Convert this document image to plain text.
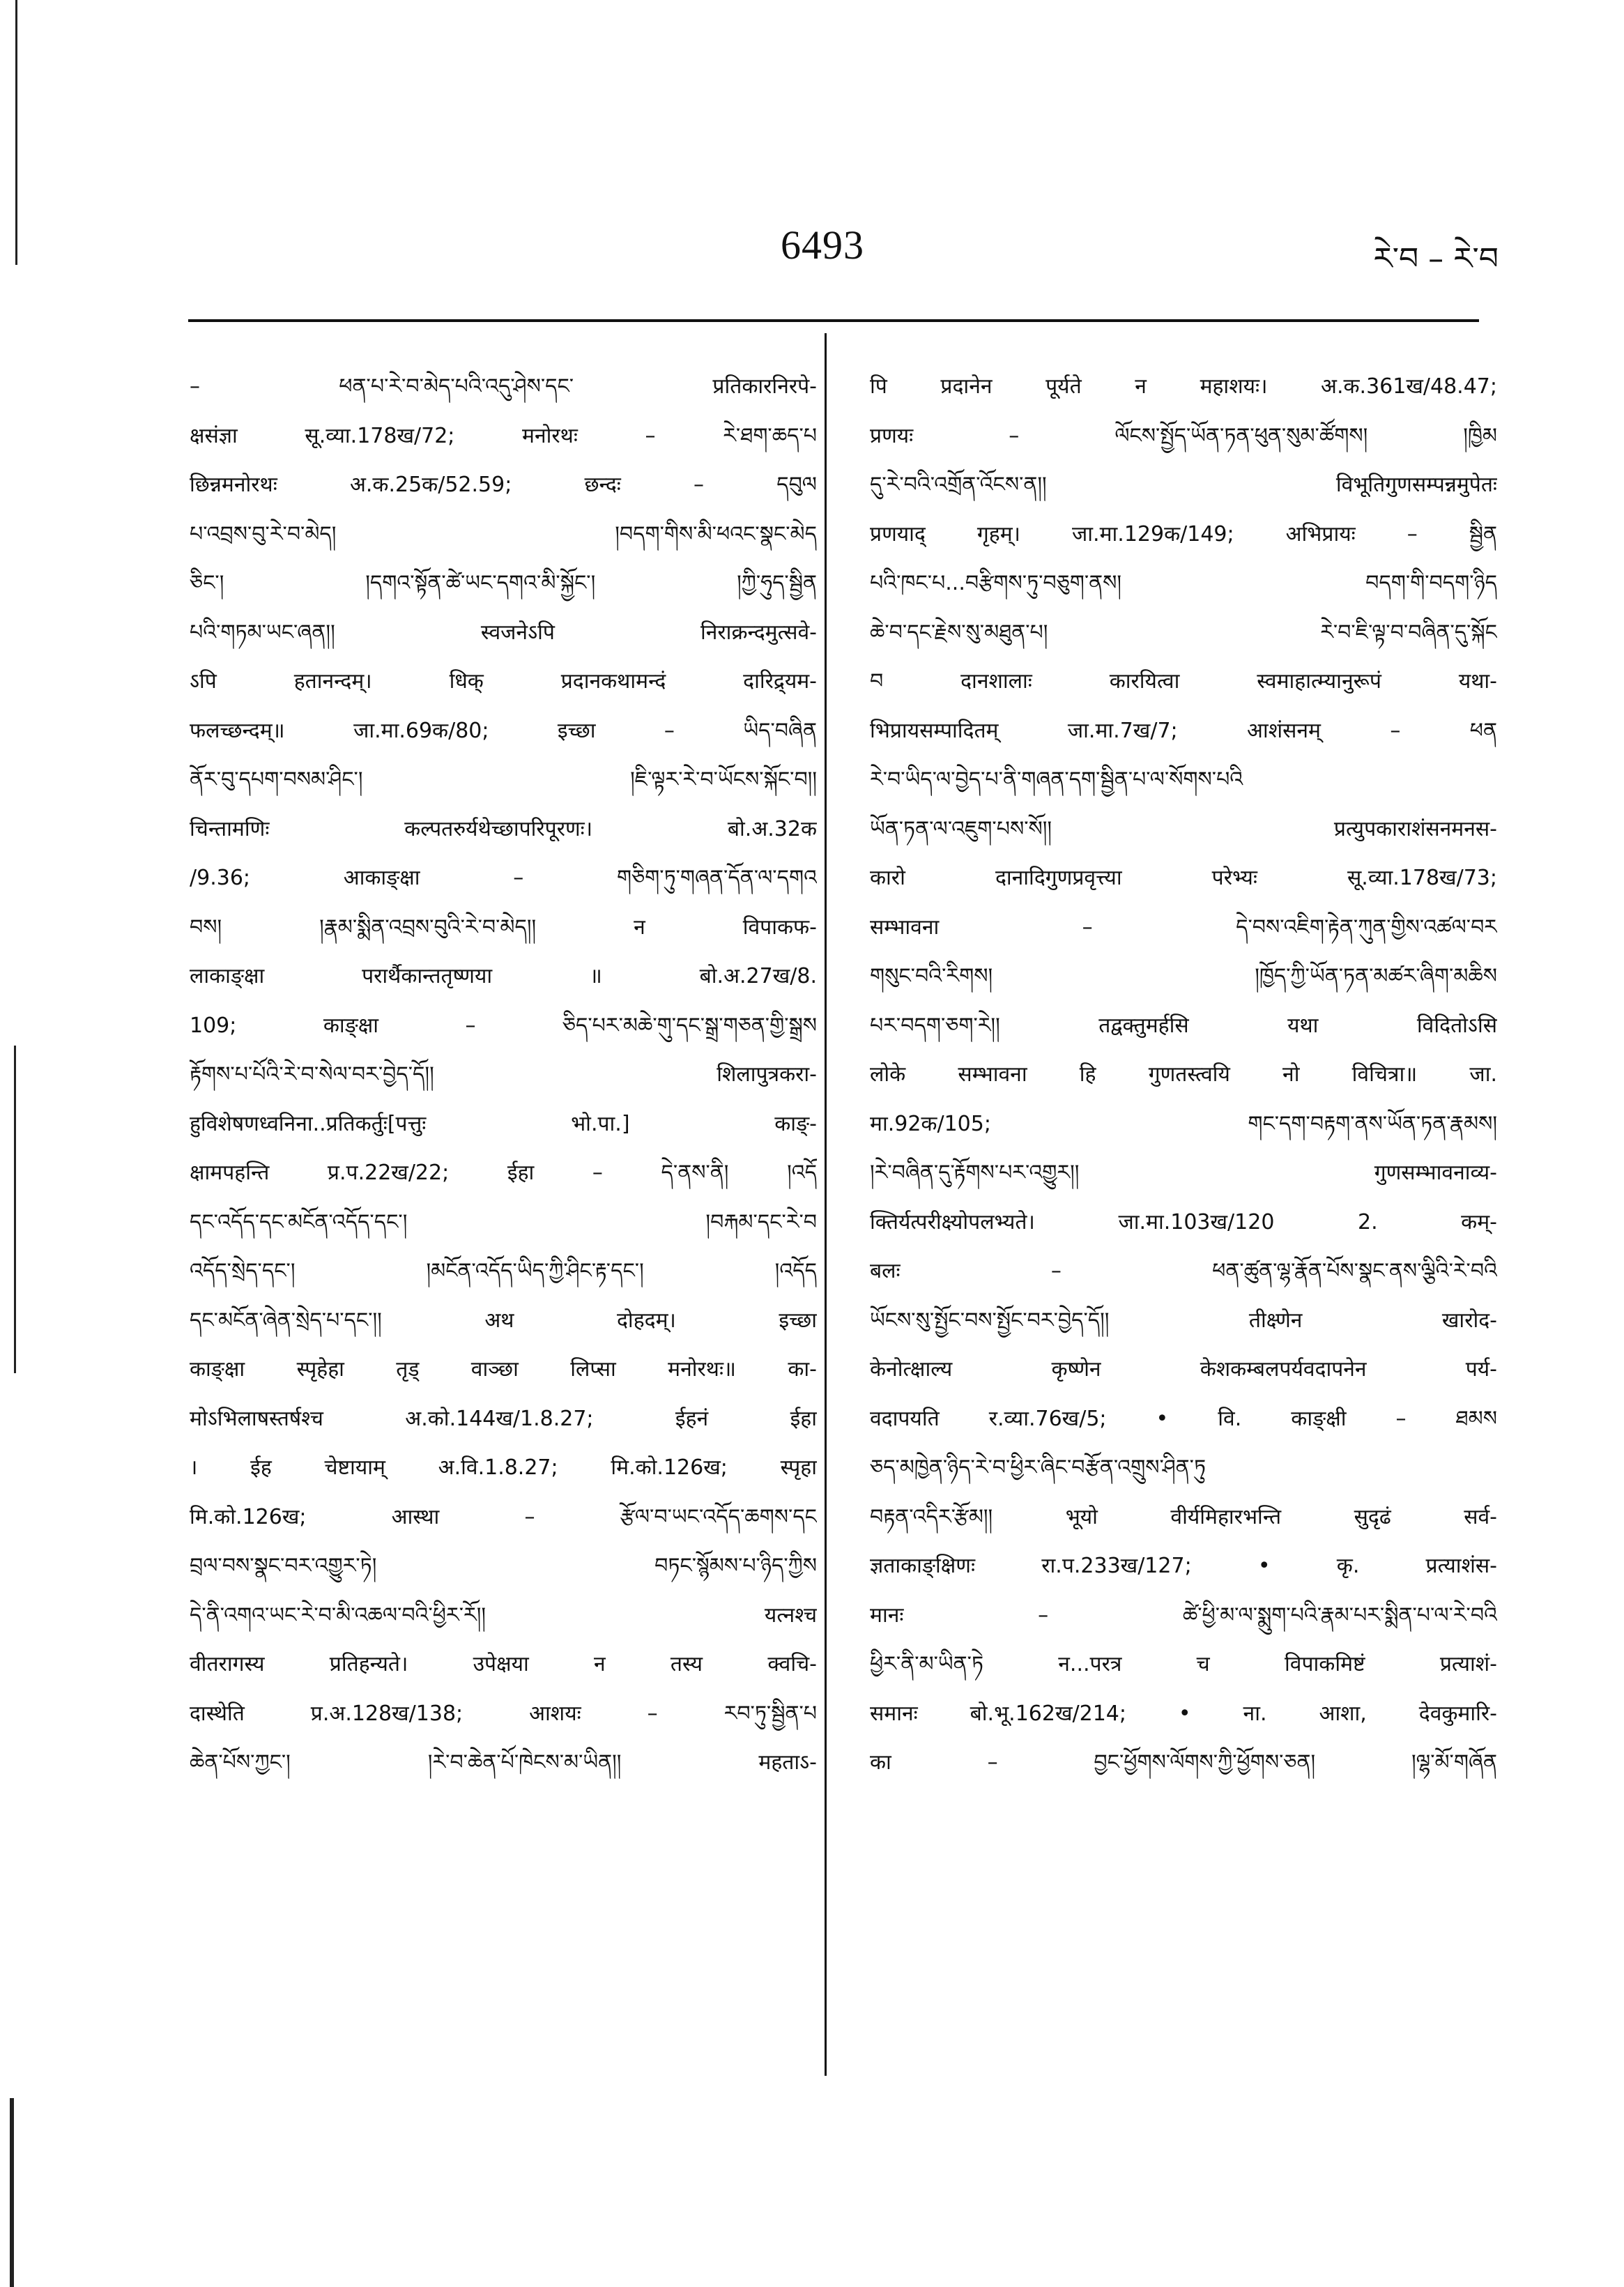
6493	རེ་བ – རེ་བ
– ཕན་པ་རེ་བ་མེད་པའི་འདུ་ཤེས་དང་ प्रतिकारनिरपे-
क्षसंज्ञा सू.व्या.178ख/72; मनोरथः – རེ་ཐག་ཆད་པ
छिन्नमनोरथः अ.क.25क/52.59; छन्दः – དབུལ
པ་འབྲས་བུ་རེ་བ་མེད། །བདག་གིས་མི་ཕའང་སྣང་མེད
ཅིང་། །དགའ་སྟོན་ཚེ་ཡང་དགའ་མི་སྐྱོང་། །ཀྱི་ཧུད་སྦྱིན
པའི་གཏམ་ཡང་ཞན།། स्वजनेऽपि निराक्रन्दमुत्सवे-
ऽपि हतानन्दम्। धिक् प्रदानकथामन्दं दारिद्र्यम-
फलच्छन्दम्॥ जा.मा.69क/80; इच्छा – ཡིད་བཞིན
ནོར་བུ་དཔག་བསམ་ཤིང་། །ཇི་ལྟར་རེ་བ་ཡོངས་སྐོང་བ།།
चिन्तामणिः कल्पतरुर्यथेच्छापरिपूरणः। बो.अ.32क
/9.36; आकाङ्क्षा – གཅིག་ཏུ་གཞན་དོན་ལ་དགའ
བས། །རྣམ་སྨིན་འབྲས་བུའི་རེ་བ་མེད།། न विपाकफ-
लाकाङ्क्षा परार्थैकान्ततृष्णया ॥ बो.अ.27ख/8.
109; काङ्क्षा – ཅིད་པར་མཆེ་གུ་དང་སྒྲ་གཅན་གྱི་སྒྲས
རྟོགས་པ་པོའི་རེ་བ་སེལ་བར་བྱེད་དོ།། शिलापुत्रकरा-
हुविशेषणध्वनिना..प्रतिकर्तुः[पत्तुः भो.पा.] काङ्-
क्षामपहन्ति प्र.प.22ख/22; ईहा – དེ་ནས་ནི། །འདོ
དང་འདོད་དང་མངོན་འདོད་དང་། །བརྐམ་དང་རེ་བ
འདོད་སྲེད་དང་། །མངོན་འདོད་ཡིད་ཀྱི་ཤིང་རྟ་དང་། །འདོད
དང་མངོན་ཞེན་སྲེད་པ་དང་།། अथ दोहदम्। इच्छा
काङ्क्षा स्पृहेहा तृड् वाञ्छा लिप्सा मनोरथः॥ का-
मोऽभिलाषस्तर्षश्च अ.को.144ख/1.8.27; ईहनं ईहा
। ईह चेष्टायाम् अ.वि.1.8.27; मि.को.126ख; स्पृहा
मि.को.126ख; आस्था – རྩོལ་བ་ཡང་འདོད་ཆགས་དང
བྲལ་བས་སྣང་བར་འགྱུར་ཏེ། བཏང་སྙོམས་པ་ཉིད་ཀྱིས
དེ་ནི་འགའ་ཡང་རེ་བ་མི་འཆལ་བའི་ཕྱིར་རོ།། यत्नश्च
वीतरागस्य प्रतिहन्यते। उपेक्षया न तस्य क्वचि-
दास्थेति प्र.अ.128ख/138; आशयः – རབ་ཏུ་སྦྱིན་པ
ཆེན་པོས་ཀྱང་། །རེ་བ་ཆེན་པོ་ཁེངས་མ་ཡིན།། महताऽ-
पि प्रदानेन पूर्यते न महाशयः। अ.क.361ख/48.47;
प्रणयः – ལོངས་སྤྱོད་ཡོན་ཏན་ཕུན་སུམ་ཚོགས། །ཁྱིམ
དུ་རེ་བའི་འགྲོན་འོངས་ན།། विभूतिगुणसम्पन्नमुपेतः
प्रणयाद् गृहम्। जा.मा.129क/149; अभिप्रायः – སྦྱིན
པའི་ཁང་པ...བརྩིགས་ཏུ་བཅུག་ནས། བདག་གི་བདག་ཉིད
ཆེ་བ་དང་རྗེས་སུ་མཐུན་པ། རེ་བ་ཇི་ལྟ་བ་བཞིན་དུ་སྐོང
བ दानशालाः कारयित्वा स्वमाहात्म्यानुरूपं यथा-
भिप्रायसम्पादितम् जा.मा.7ख/7; आशंसनम् – ཕན
རེ་བ་ཡིད་ལ་བྱེད་པ་ནི་གཞན་དག་སྦྱིན་པ་ལ་སོགས་པའི
ཡོན་ཏན་ལ་འཇུག་པས་སོ།། प्रत्युपकाराशंसनमनस-
कारो दानादिगुणप्रवृत्त्या परेभ्यः सू.व्या.178ख/73;
सम्भावना – དེ་བས་འཇིག་རྟེན་ཀུན་གྱིས་འཚལ་བར
གསུང་བའི་རིགས། །ཁྱོད་ཀྱི་ཡོན་ཏན་མཚར་ཞིག་མཆིས
པར་བདག་ཅག་རེ།། तद्वक्तुमर्हसि यथा विदितोऽसि
लोके सम्भावना हि गुणतस्त्वयि नो विचित्रा॥ जा.
मा.92क/105; གང་དག་བརྟག་ནས་ཡོན་ཏན་རྣམས།
།རེ་བཞིན་དུ་རྟོགས་པར་འགྱུར།། गुणसम्भावनाव्य-
क्तिर्यत्परीक्ष्योपलभ्यते। जा.मा.103ख/120 2. कम्-
बलः – ཕན་ཚུན་ལྷ་རྣོན་པོས་སྣང་ནས་ལྕིའི་རེ་བའི
ཡོངས་སུ་སྤྱོང་བས་སྤྱོང་བར་བྱེད་དོ།། तीक्ष्णेन खारोद-
केनोत्क्षाल्य कृष्णेन केशकम्बलपर्यवदापनेन पर्य-
वदापयति र.व्या.76ख/5; • वि. काङ्क्षी – ཐམས
ཅད་མཁྱེན་ཉིད་རེ་བ་ཕྱིར་ཞིང་བརྩོན་འགྲུས་ཤིན་ཏུ
བརྟན་འདིར་རྩོམ།། भूयो वीर्यमिहारभन्ति सुदृढं सर्व-
ज्ञताकाङ्क्षिणः रा.प.233ख/127; • कृ. प्रत्याशंस-
मानः – ཚེ་ཕྱི་མ་ལ་སྨུག་པའི་རྣམ་པར་སྨིན་པ་ལ་རེ་བའི
ཕྱིར་ནི་མ་ཡིན་ཏེ न...परत्र च विपाकमिष्टं प्रत्याशं-
समानः बो.भू.162ख/214; • ना. आशा, देवकुमारि-
का – བྱང་ཕྱོགས་ལོགས་ཀྱི་ཕྱོགས་ཅན། །ལྷ་མོ་གཞོན
